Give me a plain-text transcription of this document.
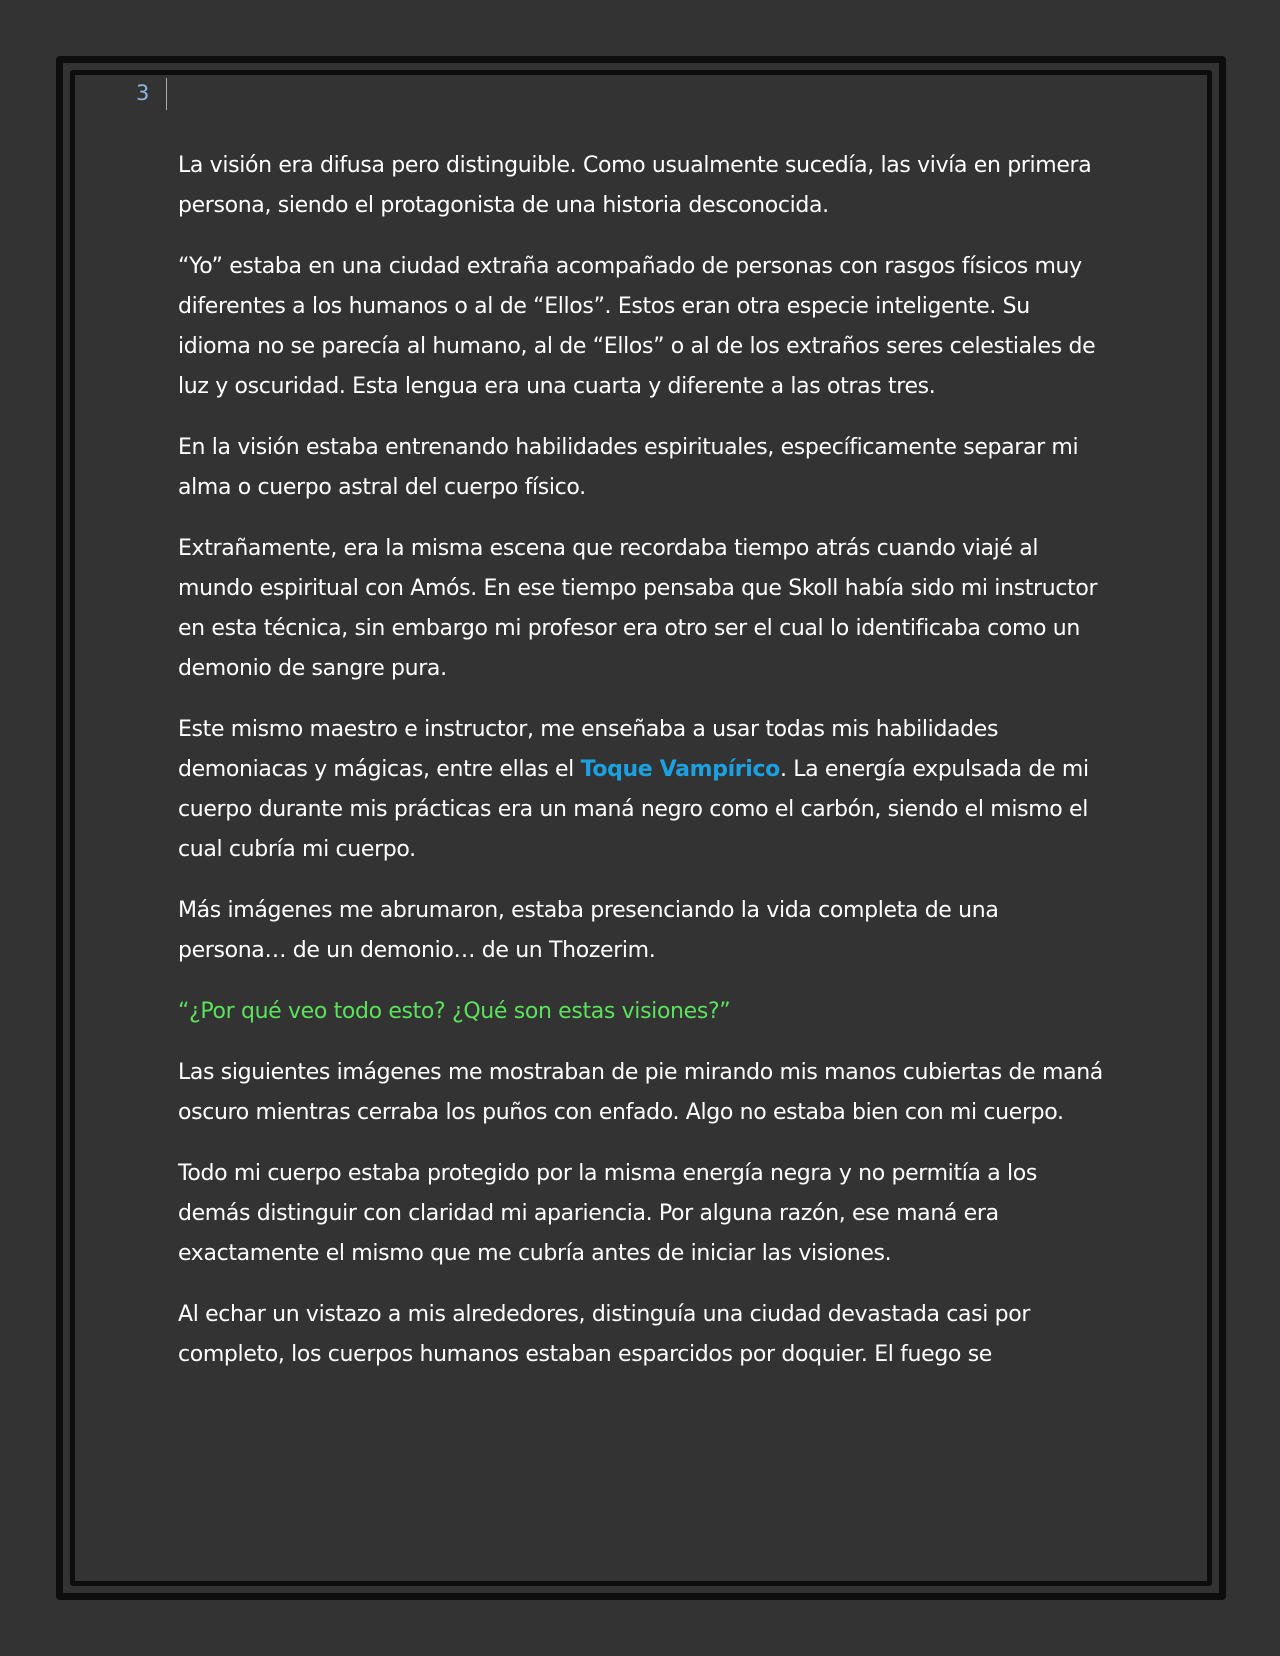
3

La visión era difusa pero distinguible. Como usualmente sucedía, las vivía en primera persona, siendo el protagonista de una historia desconocida.

“Yo” estaba en una ciudad extraña acompañado de personas con rasgos físicos muy diferentes a los humanos o al de “Ellos”. Estos eran otra especie inteligente. Su idioma no se parecía al humano, al de “Ellos” o al de los extraños seres celestiales de luz y oscuridad. Esta lengua era una cuarta y diferente a las otras tres.

En la visión estaba entrenando habilidades espirituales, específicamente separar mi alma o cuerpo astral del cuerpo físico.

Extrañamente, era la misma escena que recordaba tiempo atrás cuando viajé al mundo espiritual con Amós. En ese tiempo pensaba que Skoll había sido mi instructor en esta técnica, sin embargo mi profesor era otro ser el cual lo identificaba como un demonio de sangre pura.

Este mismo maestro e instructor, me enseñaba a usar todas mis habilidades demoniacas y mágicas, entre ellas el Toque Vampírico. La energía expulsada de mi cuerpo durante mis prácticas era un maná negro como el carbón, siendo el mismo el cual cubría mi cuerpo.

Más imágenes me abrumaron, estaba presenciando la vida completa de una persona… de un demonio… de un Thozerim.

“¿Por qué veo todo esto? ¿Qué son estas visiones?”

Las siguientes imágenes me mostraban de pie mirando mis manos cubiertas de maná oscuro mientras cerraba los puños con enfado. Algo no estaba bien con mi cuerpo.

Todo mi cuerpo estaba protegido por la misma energía negra y no permitía a los demás distinguir con claridad mi apariencia. Por alguna razón, ese maná era exactamente el mismo que me cubría antes de iniciar las visiones.

Al echar un vistazo a mis alrededores, distinguía una ciudad devastada casi por completo, los cuerpos humanos estaban esparcidos por doquier. El fuego se
